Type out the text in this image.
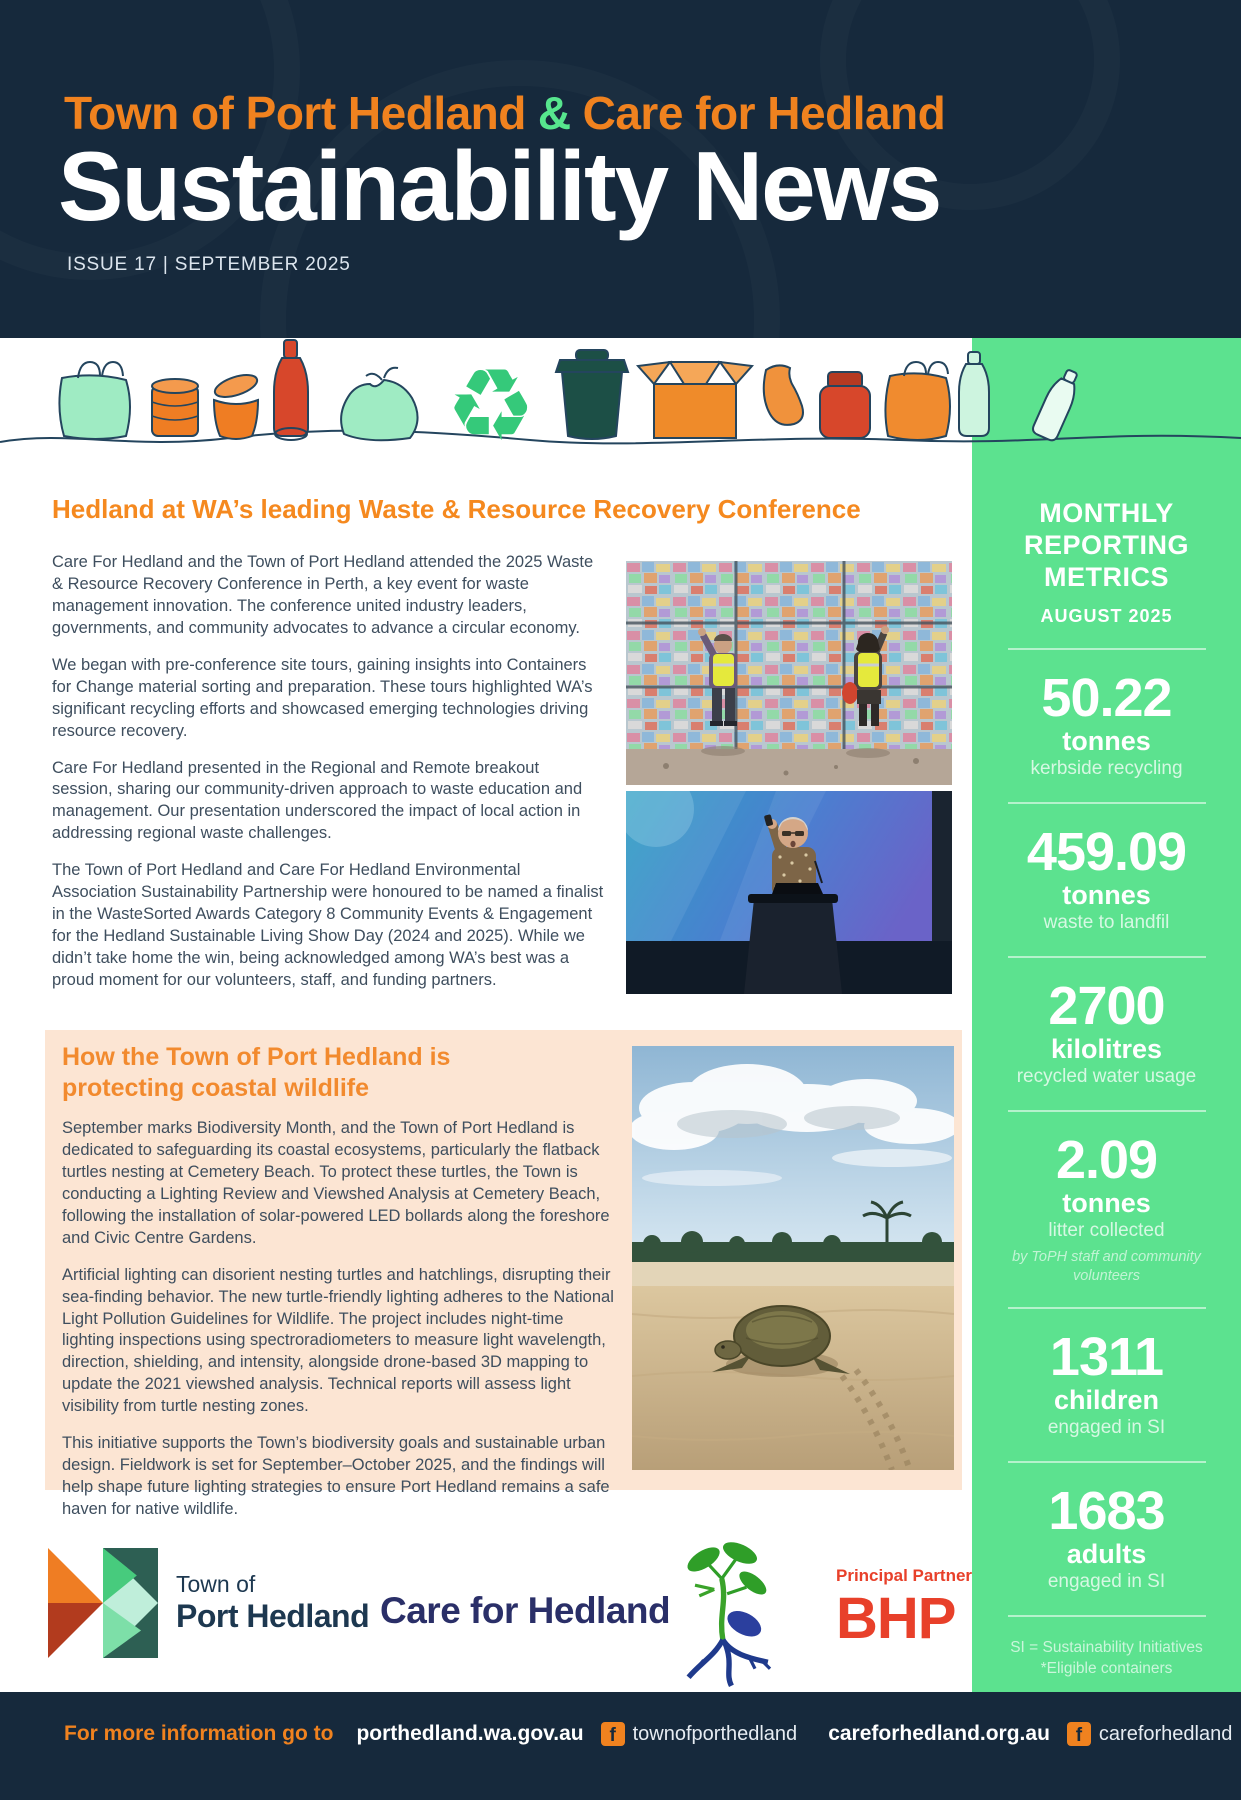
Town of Port Hedland & Care for Hedland
Sustainability News
ISSUE 17 | SEPTEMBER 2025
MONTHLY REPORTING METRICS
AUGUST 2025
50.22
tonnes
kerbside recycling
459.09
tonnes
waste to landfil
2700
kilolitres
recycled water usage
2.09
tonnes
litter collected
by ToPH staff and community volunteers
1311
children
engaged in SI
1683
adults
engaged in SI
SI = Sustainability Initiatives
*Eligible containers
♻
Hedland at WA’s leading Waste & Resource Recovery Conference

Care For Hedland and the Town of Port Hedland attended the 2025 Waste & Resource Recovery Conference in Perth, a key event for waste management innovation. The conference united industry leaders, governments, and community advocates to advance a circular economy.

We began with pre-conference site tours, gaining insights into Containers for Change material sorting and preparation. These tours highlighted WA’s significant recycling efforts and showcased emerging technologies driving resource recovery.

Care For Hedland presented in the Regional and Remote breakout session, sharing our community-driven approach to waste education and management. Our presentation underscored the impact of local action in addressing regional waste challenges.

The Town of Port Hedland and Care For Hedland Environmental Association Sustainability Partnership were honoured to be named a finalist in the WasteSorted Awards Category 8 Community Events & Engagement for the Hedland Sustainable Living Show Day (2024 and 2025). While we didn’t take home the win, being acknowledged among WA’s best was a proud moment for our volunteers, staff, and funding partners.

How the Town of Port Hedland is protecting coastal wildlife

September marks Biodiversity Month, and the Town of Port Hedland is dedicated to safeguarding its coastal ecosystems, particularly the flatback turtles nesting at Cemetery Beach. To protect these turtles, the Town is conducting a Lighting Review and Viewshed Analysis at Cemetery Beach, following the installation of solar-powered LED bollards along the foreshore and Civic Centre Gardens.

Artificial lighting can disorient nesting turtles and hatchlings, disrupting their sea-finding behavior. The new turtle-friendly lighting adheres to the National Light Pollution Guidelines for Wildlife. The project includes night-time lighting inspections using spectroradiometers to measure light wavelength, direction, shielding, and intensity, alongside drone-based 3D mapping to update the 2021 viewshed analysis. Technical reports will assess light visibility from turtle nesting zones.

This initiative supports the Town’s biodiversity goals and sustainable urban design. Fieldwork is set for September–October 2025, and the findings will help shape future lighting strategies to ensure Port Hedland remains a safe haven for native wildlife.

Town of
Port Hedland Care for Hedland
Principal Partner
BHP
For more information go to porthedland.wa.gov.au f townofporthedland careforhedland.org.au f careforhedland
